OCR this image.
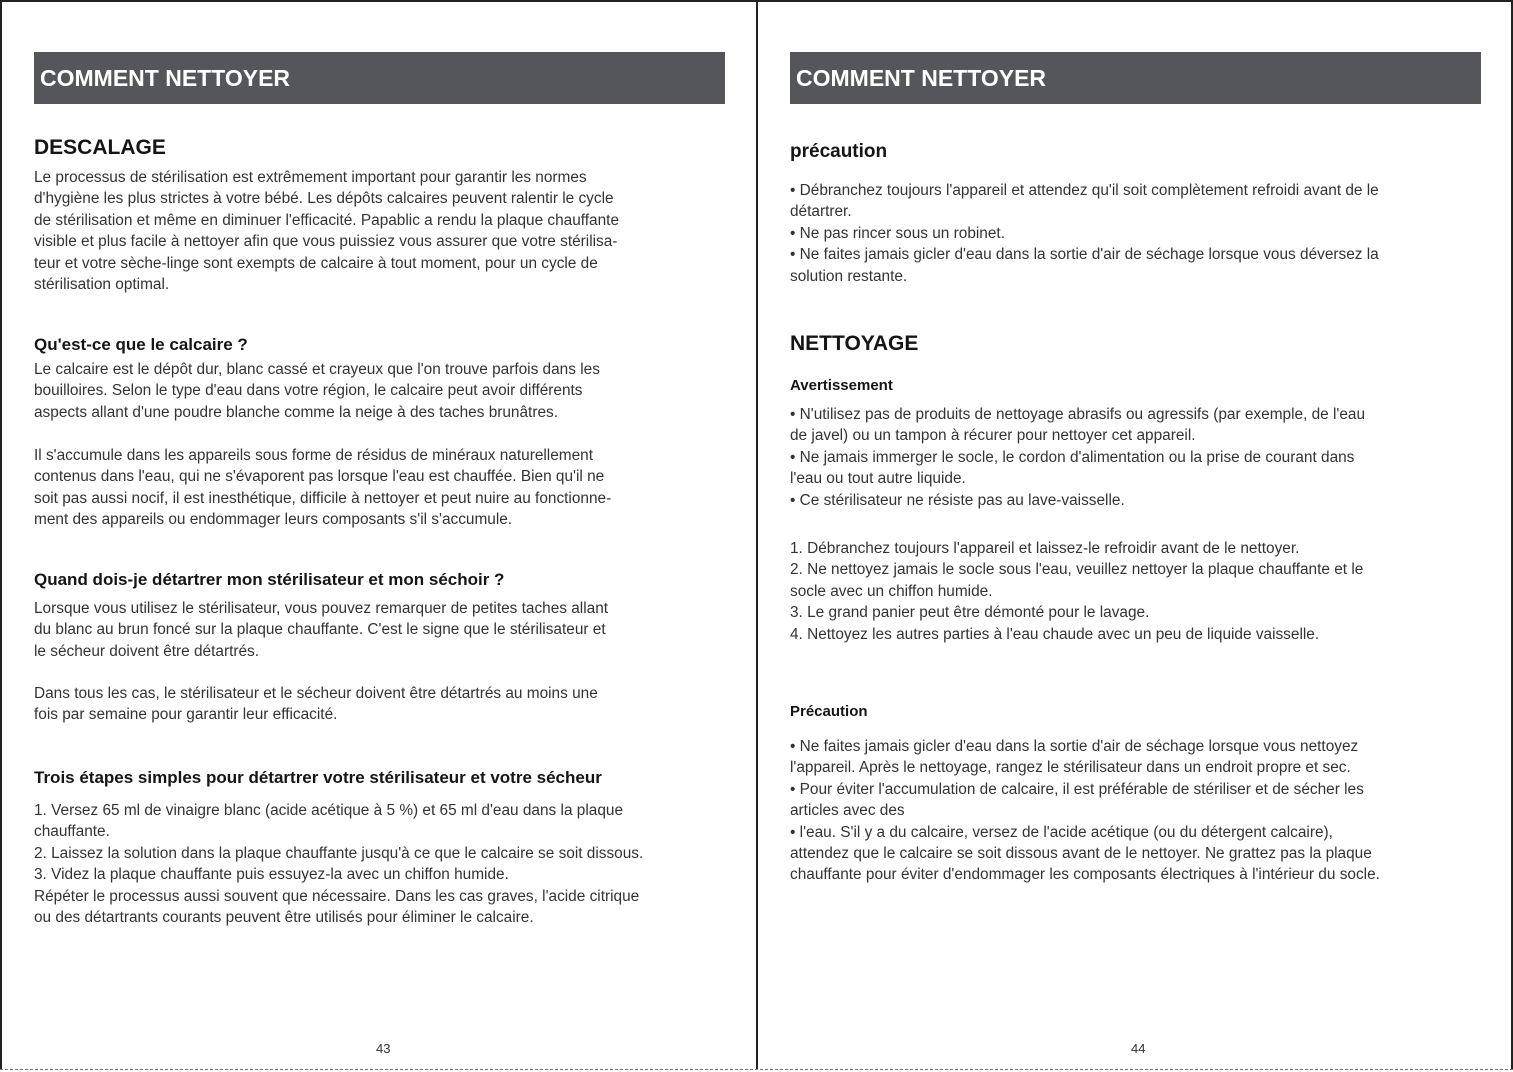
COMMENT NETTOYER
DESCALAGE

Le processus de stérilisation est extrêmement important pour garantir les normes
d'hygiène les plus strictes à votre bébé. Les dépôts calcaires peuvent ralentir le cycle
de stérilisation et même en diminuer l'efficacité. Papablic a rendu la plaque chauffante
visible et plus facile à nettoyer afin que vous puissiez vous assurer que votre stérilisa-
teur et votre sèche-linge sont exempts de calcaire à tout moment, pour un cycle de
stérilisation optimal.

Qu'est-ce que le calcaire ?

Le calcaire est le dépôt dur, blanc cassé et crayeux que l'on trouve parfois dans les
bouilloires. Selon le type d'eau dans votre région, le calcaire peut avoir différents
aspects allant d'une poudre blanche comme la neige à des taches brunâtres.

Il s'accumule dans les appareils sous forme de résidus de minéraux naturellement
contenus dans l'eau, qui ne s'évaporent pas lorsque l'eau est chauffée. Bien qu'il ne
soit pas aussi nocif, il est inesthétique, difficile à nettoyer et peut nuire au fonctionne-
ment des appareils ou endommager leurs composants s'il s'accumule.

Quand dois-je détartrer mon stérilisateur et mon séchoir ?

Lorsque vous utilisez le stérilisateur, vous pouvez remarquer de petites taches allant
du blanc au brun foncé sur la plaque chauffante. C'est le signe que le stérilisateur et
le sécheur doivent être détartrés.

Dans tous les cas, le stérilisateur et le sécheur doivent être détartrés au moins une
fois par semaine pour garantir leur efficacité.

Trois étapes simples pour détartrer votre stérilisateur et votre sécheur

1. Versez 65 ml de vinaigre blanc (acide acétique à 5 %) et 65 ml d'eau dans la plaque
chauffante.
2. Laissez la solution dans la plaque chauffante jusqu'à ce que le calcaire se soit dissous.
3. Videz la plaque chauffante puis essuyez-la avec un chiffon humide.
Répéter le processus aussi souvent que nécessaire. Dans les cas graves, l'acide citrique
ou des détartrants courants peuvent être utilisés pour éliminer le calcaire.

43
COMMENT NETTOYER
précaution

• Débranchez toujours l'appareil et attendez qu'il soit complètement refroidi avant de le
détartrer.
• Ne pas rincer sous un robinet.
• Ne faites jamais gicler d'eau dans la sortie d'air de séchage lorsque vous déversez la
solution restante.

NETTOYAGE
Avertissement

• N'utilisez pas de produits de nettoyage abrasifs ou agressifs (par exemple, de l'eau
de javel) ou un tampon à récurer pour nettoyer cet appareil.
• Ne jamais immerger le socle, le cordon d'alimentation ou la prise de courant dans
l'eau ou tout autre liquide.
• Ce stérilisateur ne résiste pas au lave-vaisselle.

1. Débranchez toujours l'appareil et laissez-le refroidir avant de le nettoyer.
2. Ne nettoyez jamais le socle sous l'eau, veuillez nettoyer la plaque chauffante et le
socle avec un chiffon humide.
3. Le grand panier peut être démonté pour le lavage.
4. Nettoyez les autres parties à l'eau chaude avec un peu de liquide vaisselle.

Précaution

• Ne faites jamais gicler d'eau dans la sortie d'air de séchage lorsque vous nettoyez
l'appareil. Après le nettoyage, rangez le stérilisateur dans un endroit propre et sec.
• Pour éviter l'accumulation de calcaire, il est préférable de stériliser et de sécher les
articles avec des
• l'eau. S'il y a du calcaire, versez de l'acide acétique (ou du détergent calcaire),
attendez que le calcaire se soit dissous avant de le nettoyer. Ne grattez pas la plaque
chauffante pour éviter d'endommager les composants électriques à l'intérieur du socle.

44
